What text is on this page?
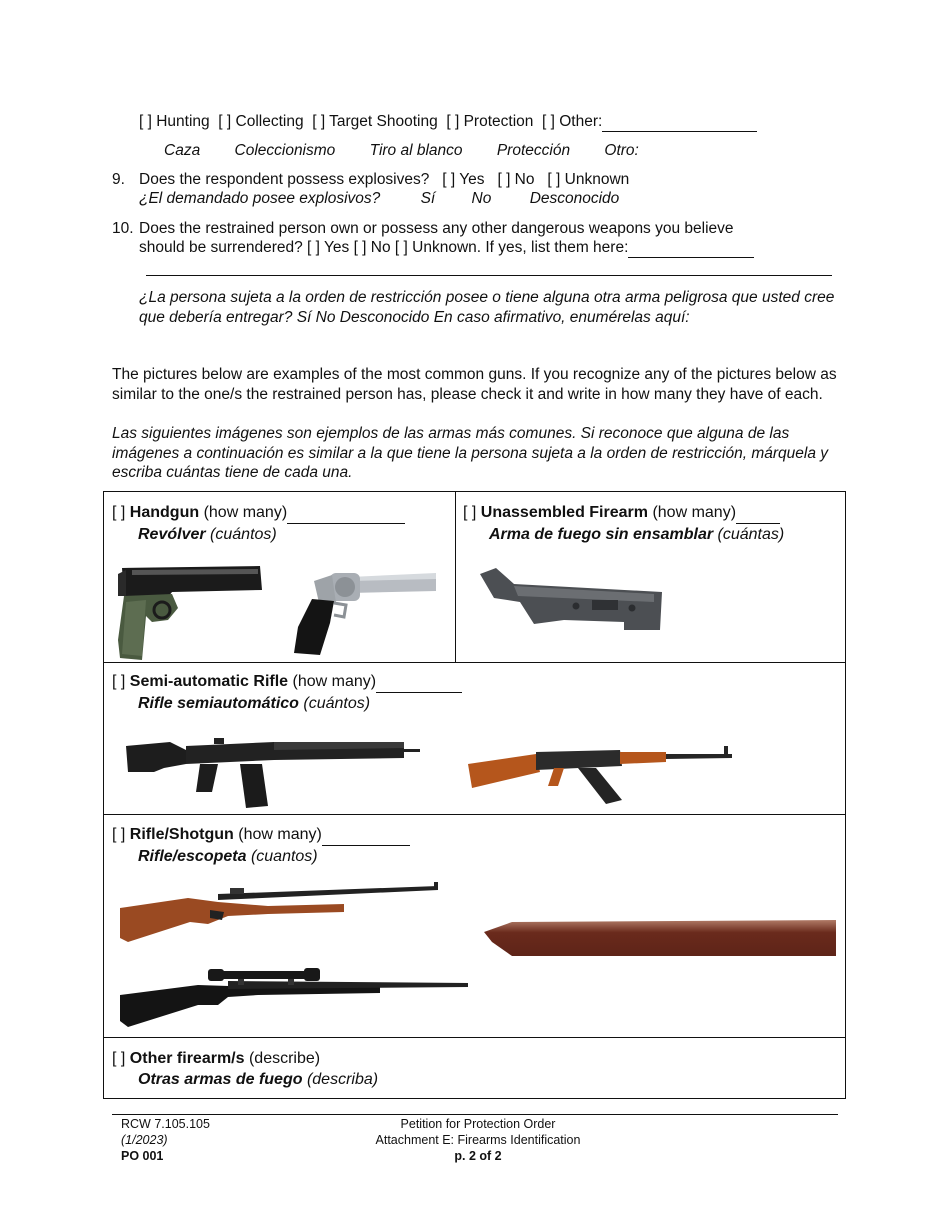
[ ] Hunting [ ] Collecting [ ] Target Shooting [ ] Protection [ ] Other:
Caza Coleccionismo Tiro al blanco Protección Otro:
9. Does the respondent possess explosives? [ ] Yes [ ] No [ ] Unknown
¿El demandado posee explosivos?	Sí No Desconocido
10. Does the restrained person own or possess any other dangerous weapons you believe
should be surrendered? [ ] Yes [ ] No [ ] Unknown. If yes, list them here:
¿La persona sujeta a la orden de restricción posee o tiene alguna otra arma peligrosa que usted cree que debería entregar? Sí No Desconocido En caso afirmativo, enumérelas aquí:
The pictures below are examples of the most common guns. If you recognize any of the pictures below as similar to the one/s the restrained person has, please check it and write in how many they have of each.
Las siguientes imágenes son ejemplos de las armas más comunes. Si reconoce que alguna de las imágenes a continuación es similar a la que tiene la persona sujeta a la orden de restricción, márquela y escriba cuántas tiene de cada una.
[ ] Handgun (how many)
Revólver (cuántos)
[ ] Unassembled Firearm (how many)
Arma de fuego sin ensamblar (cuántas)
[ ] Semi-automatic Rifle (how many)
Rifle semiautomático (cuántos)
[ ] Rifle/Shotgun (how many)
Rifle/escopeta (cuantos)
[ ] Other firearm/s (describe)
Otras armas de fuego (describa)
RCW 7.105.105
(1/2023)
PO 001
Petition for Protection Order
Attachment E: Firearms Identification
p. 2 of 2
